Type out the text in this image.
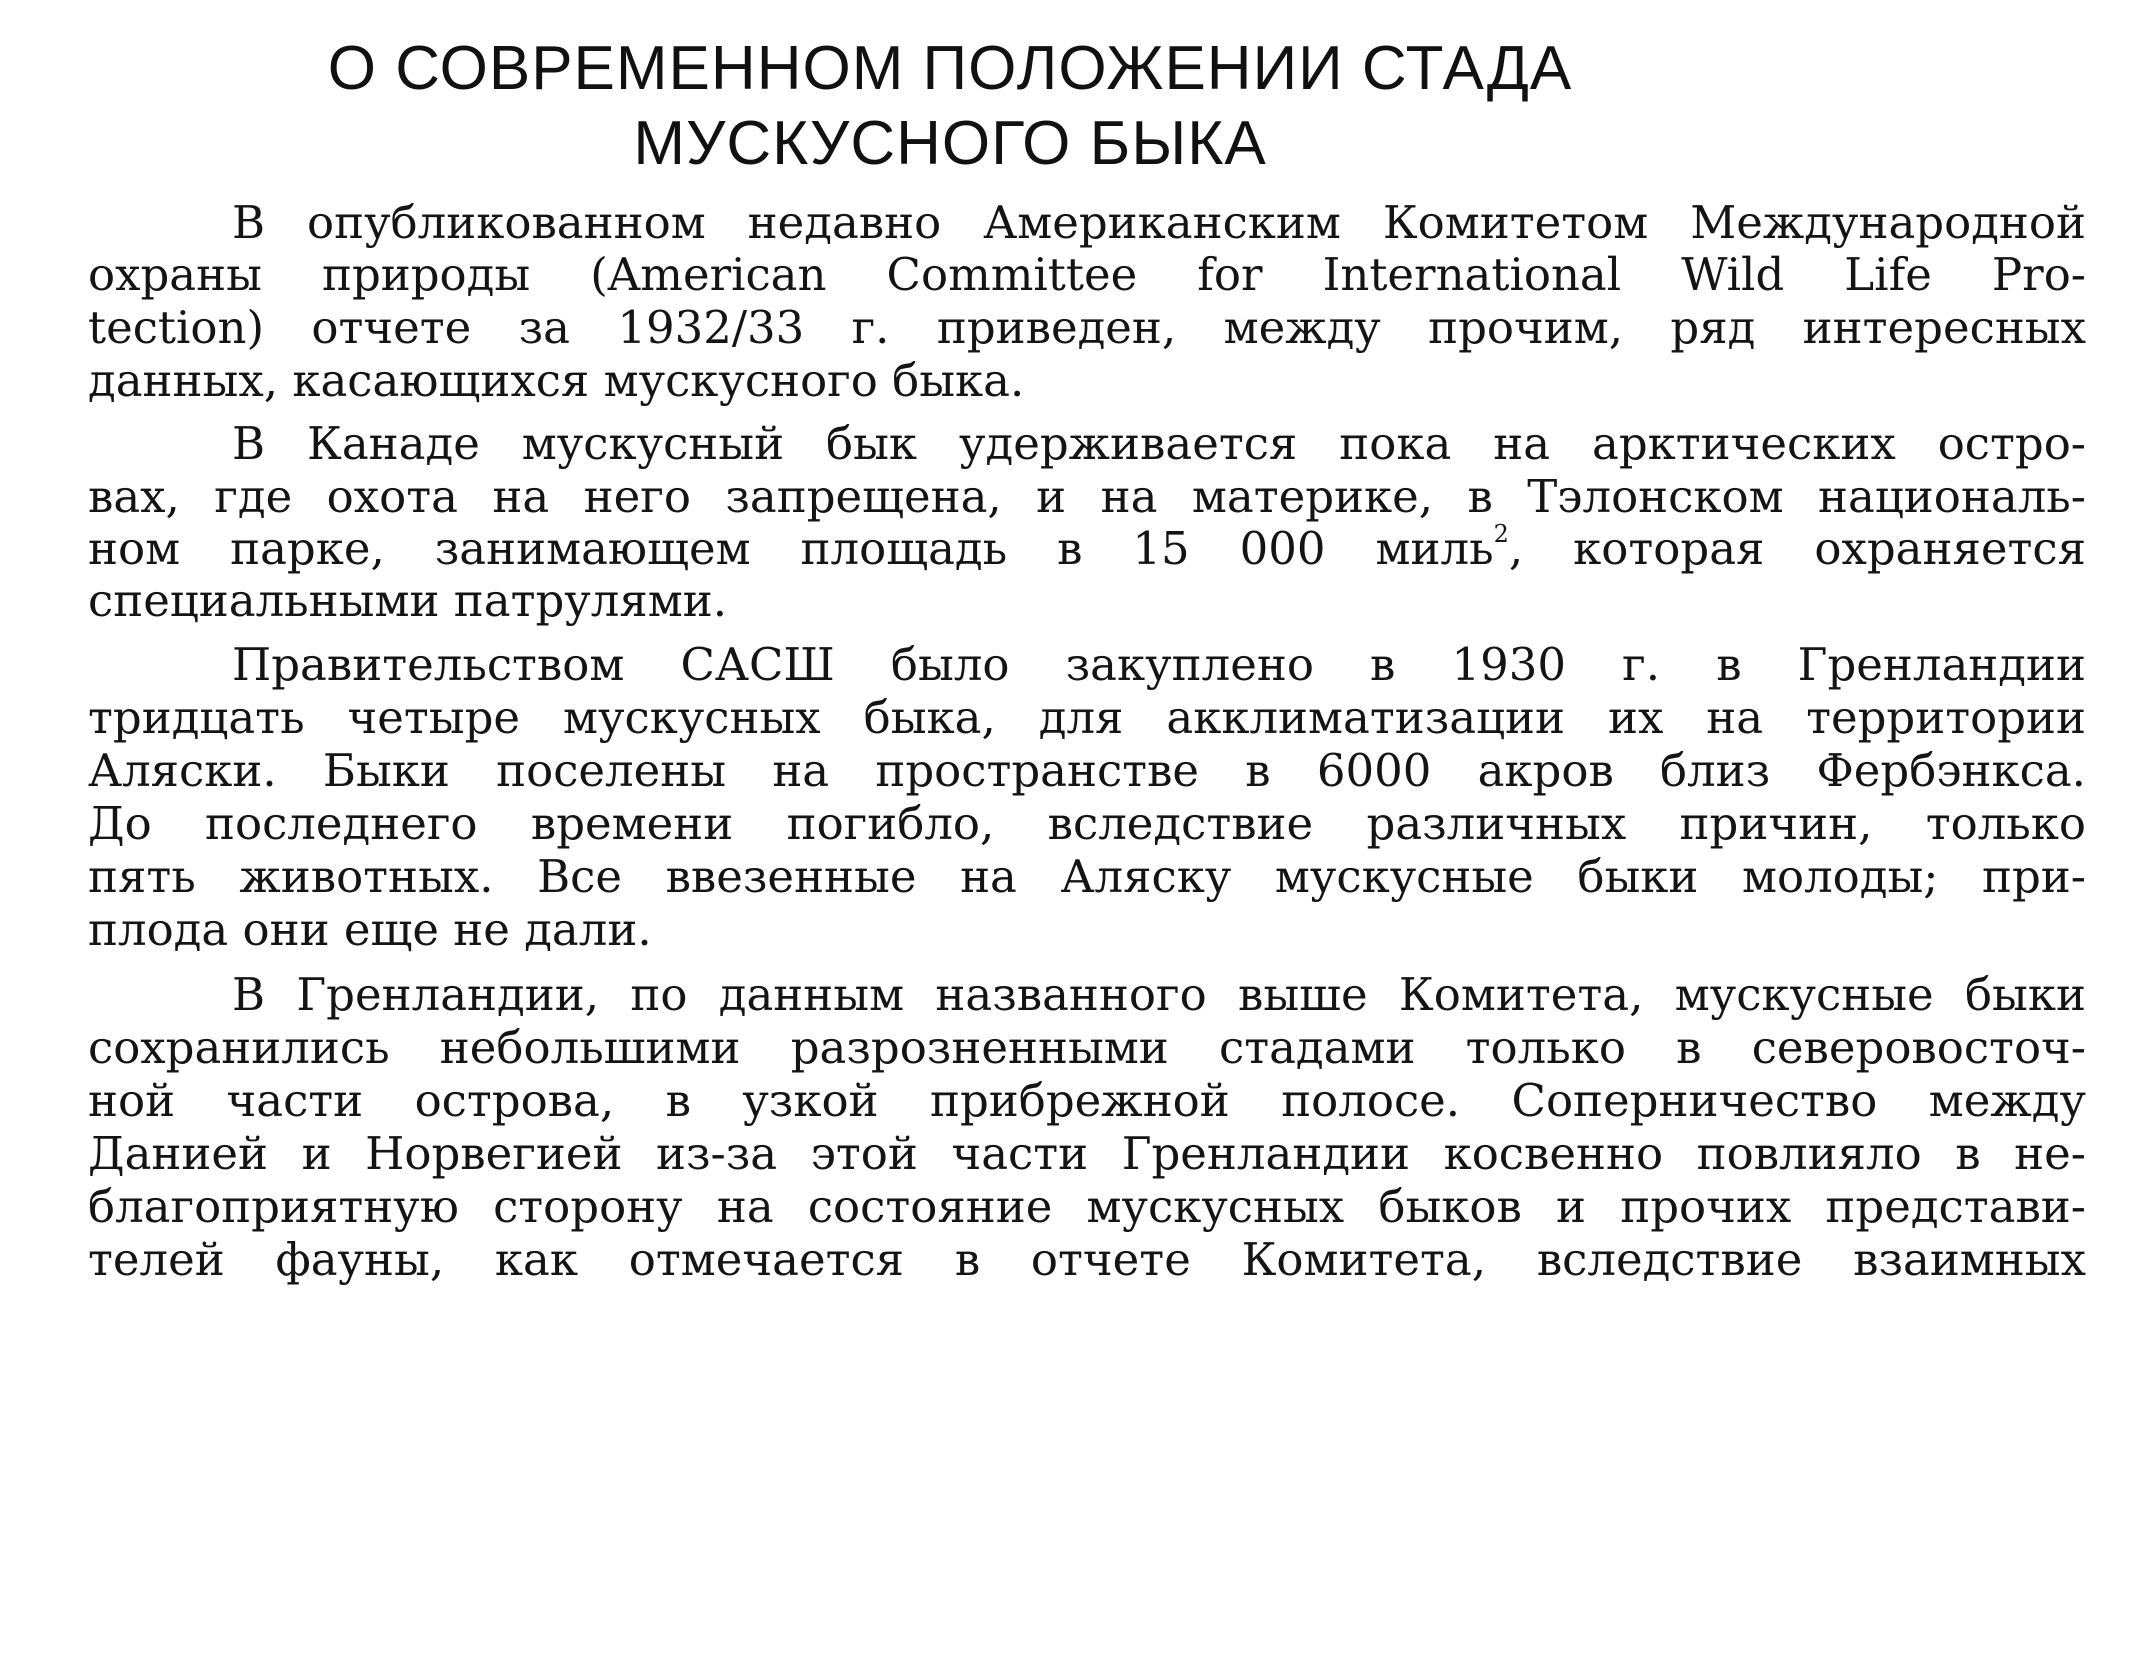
О СОВРЕМЕННОМ ПОЛОЖЕНИИ СТАДА
МУСКУСНОГО БЫКА
В опубликованном недавно Американским Комитетом Международной
охраны природы (American Committee for International Wild Life Pro-
tection) отчете за 1932/33 г. приведен, между прочим, ряд интересных
данных, касающихся мускусного быка.
В Канаде мускусный бык удерживается пока на арктических остро-
вах, где охота на него запрещена, и на материке, в Тэлонском националь-
ном парке, занимающем площадь в 15 000 миль$^2$, которая охраняется
специальными патрулями.
Правительством САСШ было закуплено в 1930 г. в Гренландии
тридцать четыре мускусных быка, для акклиматизации их на территории
Аляски. Быки поселены на пространстве в 6000 акров близ Фербэнкса.
До последнего времени погибло, вследствие различных причин, только
пять животных. Все ввезенные на Аляску мускусные быки молоды; при-
плода они еще не дали.
В Гренландии, по данным названного выше Комитета, мускусные быки
сохранились небольшими разрозненными стадами только в северовосточ-
ной части острова, в узкой прибрежной полосе. Соперничество между
Данией и Норвегией из-за этой части Гренландии косвенно повлияло в не-
благоприятную сторону на состояние мускусных быков и прочих представи-
телей фауны, как отмечается в отчете Комитета, вследствие взаимных
